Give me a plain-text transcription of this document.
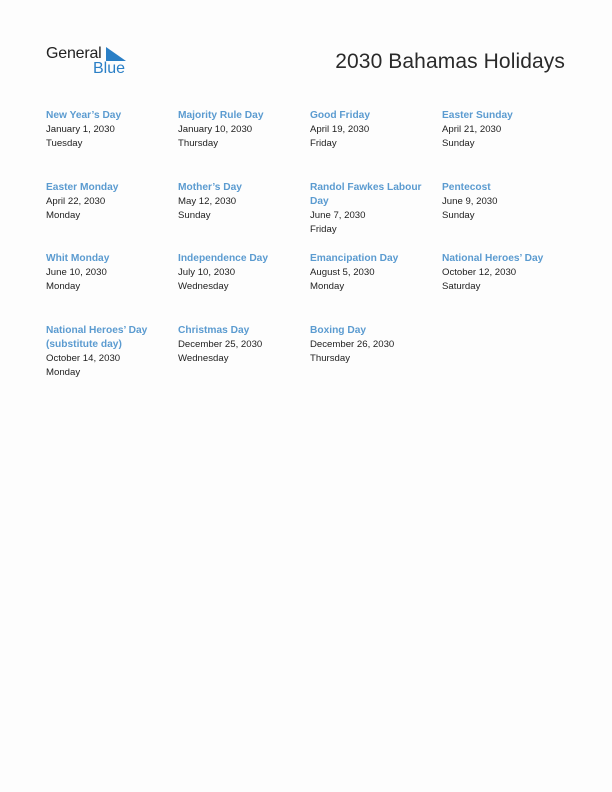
General
Blue	2030 Bahamas Holidays
New Year’s Day
January 1, 2030
Tuesday
Majority Rule Day
January 10, 2030
Thursday
Good Friday
April 19, 2030
Friday
Easter Sunday
April 21, 2030
Sunday
Easter Monday
April 22, 2030
Monday
Mother’s Day
May 12, 2030
Sunday
Randol Fawkes Labour Day
June 7, 2030
Friday
Pentecost
June 9, 2030
Sunday
Whit Monday
June 10, 2030
Monday
Independence Day
July 10, 2030
Wednesday
Emancipation Day
August 5, 2030
Monday
National Heroes’ Day
October 12, 2030
Saturday
National Heroes’ Day (substitute day)
October 14, 2030
Monday
Christmas Day
December 25, 2030
Wednesday
Boxing Day
December 26, 2030
Thursday
